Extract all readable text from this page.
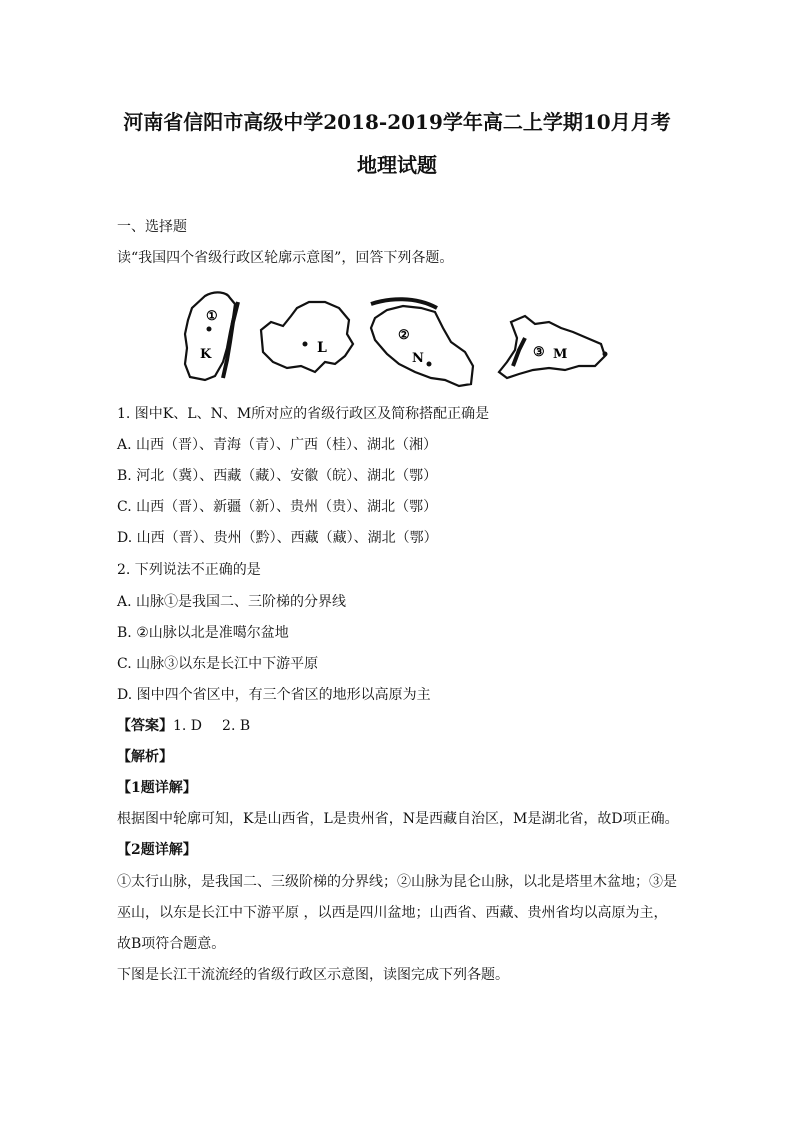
河南省信阳市高级中学2018-2019学年高二上学期10月月考
地理试题
一、选择题
读“我国四个省级行政区轮廓示意图”，回答下列各题。
①
K	L
②
N	③ M
1. 图中K、L、N、M所对应的省级行政区及简称搭配正确是
A. 山西（晋）、青海（青）、广西（桂）、湖北（湘）
B. 河北（冀）、西藏（藏）、安徽（皖）、湖北（鄂）
C. 山西（晋）、新疆（新）、贵州（贵）、湖北（鄂）
D. 山西（晋）、贵州（黔）、西藏（藏）、湖北（鄂）
2. 下列说法不正确的是
A. 山脉①是我国二、三阶梯的分界线
B. ②山脉以北是准噶尔盆地
C. 山脉③以东是长江中下游平原
D. 图中四个省区中，有三个省区的地形以高原为主
【答案】1. D 2. B
【解析】
【1题详解】
根据图中轮廓可知，K是山西省，L是贵州省，N是西藏自治区，M是湖北省，故D项正确。
【2题详解】
①太行山脉，是我国二、三级阶梯的分界线；②山脉为昆仑山脉，以北是塔里木盆地；③是
巫山，以东是长江中下游平原 ，以西是四川盆地；山西省、西藏、贵州省均以高原为主，
故B项符合题意。
下图是长江干流流经的省级行政区示意图，读图完成下列各题。
